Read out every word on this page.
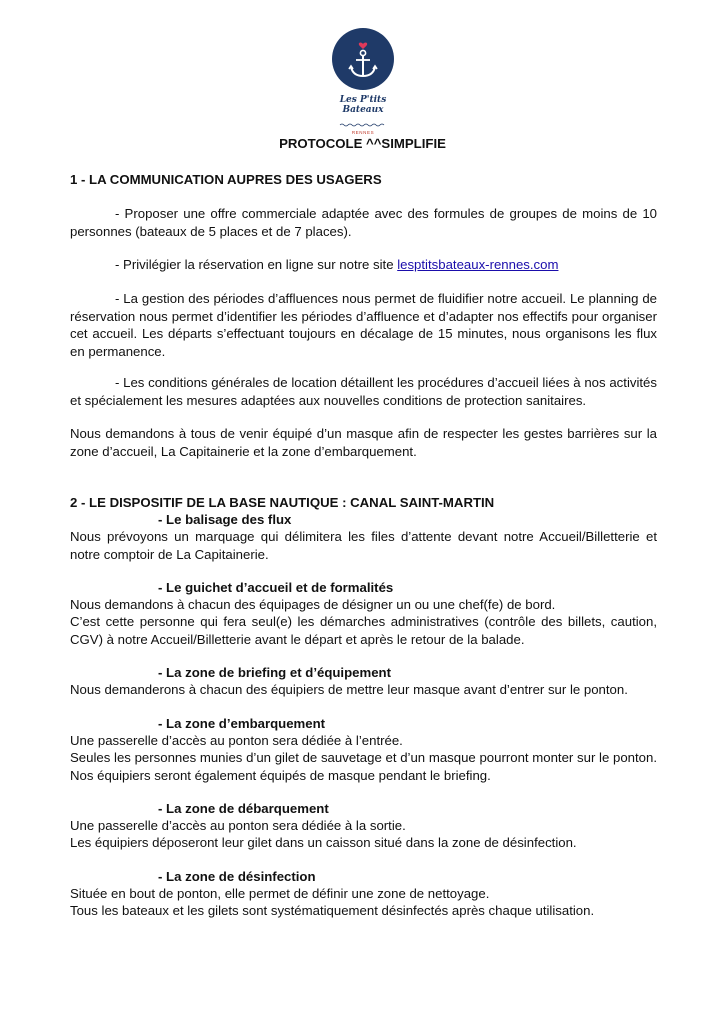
Les P'tits Bateaux
RENNES
PROTOCOLE ^^SIMPLIFIE
1 - LA COMMUNICATION AUPRES DES USAGERS

- Proposer une offre commerciale adaptée avec des formules de groupes de moins de 10 personnes (bateaux de 5 places et de 7 places).

- Privilégier la réservation en ligne sur notre site lesptitsbateaux-rennes.com

- La gestion des périodes d’affluences nous permet de fluidifier notre accueil. Le planning de réservation nous permet d’identifier les périodes d’affluence et d’adapter nos effectifs pour organiser cet accueil. Les départs s’effectuant toujours en décalage de 15 minutes, nous organisons les flux en permanence.

- Les conditions générales de location détaillent les procédures d’accueil liées à nos activités et spécialement les mesures adaptées aux nouvelles conditions de protection sanitaires.

Nous demandons à tous de venir équipé d’un masque afin de respecter les gestes barrières sur la zone d’accueil, La Capitainerie et la zone d’embarquement.

2 - LE DISPOSITIF DE LA BASE NAUTIQUE : CANAL SAINT-MARTIN
- Le balisage des flux

Nous prévoyons un marquage qui délimitera les files d’attente devant notre Accueil/Billetterie et notre comptoir de La Capitainerie.

- Le guichet d’accueil et de formalités

Nous demandons à chacun des équipages de désigner un ou une chef(fe) de bord.

C’est cette personne qui fera seul(e) les démarches administratives (contrôle des billets, caution, CGV) à notre Accueil/Billetterie avant le départ et après le retour de la balade.

- La zone de briefing et d’équipement

Nous demanderons à chacun des équipiers de mettre leur masque avant d’entrer sur le ponton.

- La zone d’embarquement

Une passerelle d’accès au ponton sera dédiée à l’entrée.

Seules les personnes munies d’un gilet de sauvetage et d’un masque pourront monter sur le ponton. Nos équipiers seront également équipés de masque pendant le briefing.

- La zone de débarquement

Une passerelle d’accès au ponton sera dédiée à la sortie.

Les équipiers déposeront leur gilet dans un caisson situé dans la zone de désinfection.

- La zone de désinfection

Située en bout de ponton, elle permet de définir une zone de nettoyage.

Tous les bateaux et les gilets sont systématiquement désinfectés après chaque utilisation.
